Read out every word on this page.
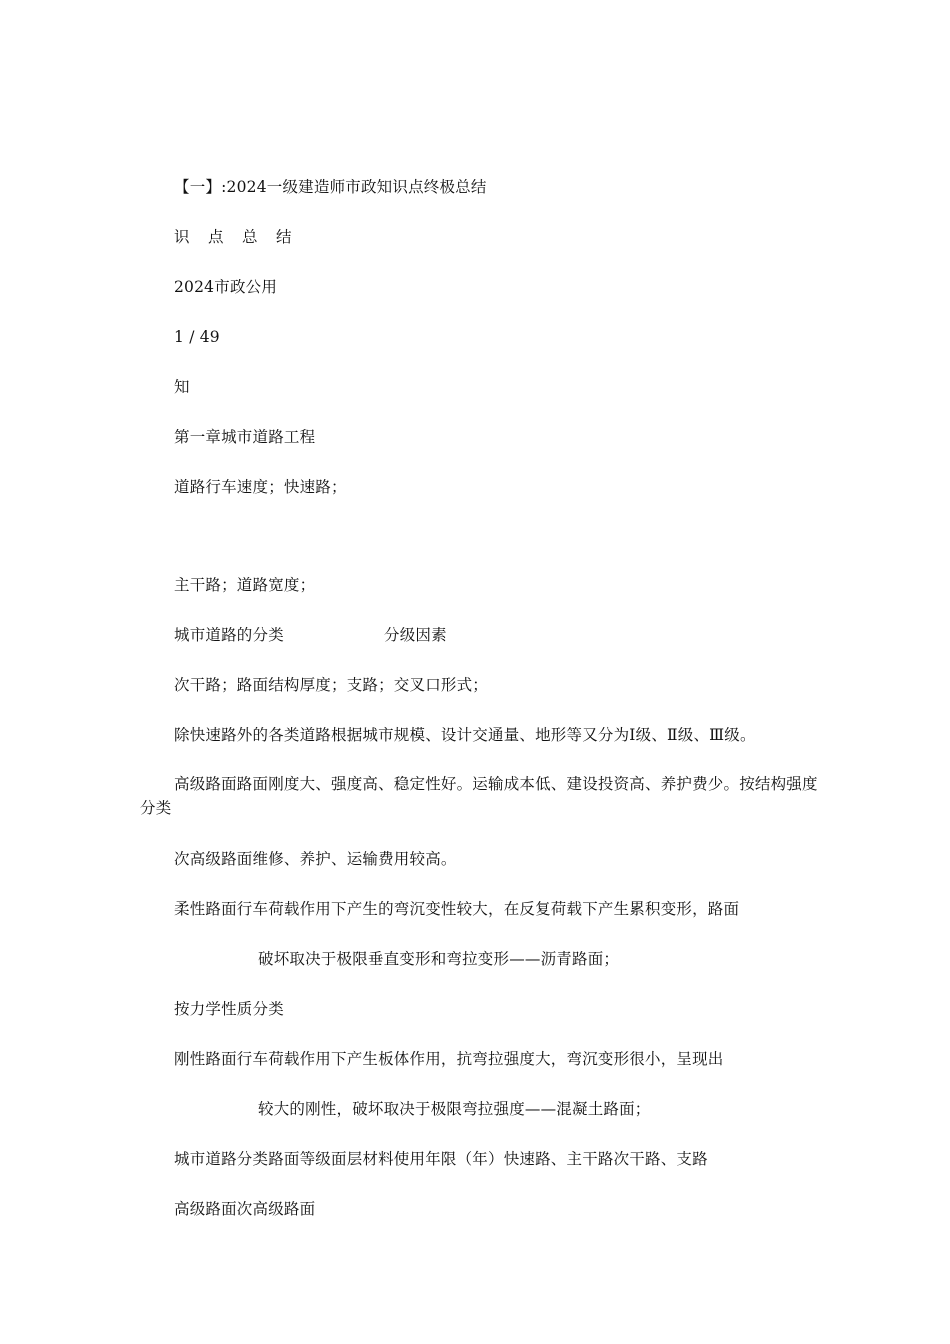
【一】:2024一级建造师市政知识点终极总结
识 点 总 结
2024市政公用
1 / 49
知
第一章城市道路工程
道路行车速度；快速路；
主干路；道路宽度；
城市道路的分类	分级因素
次干路；路面结构厚度；支路；交叉口形式；
除快速路外的各类道路根据城市规模、设计交通量、地形等又分为Ⅰ级、Ⅱ级、Ⅲ级。
高级路面路面刚度大、强度高、稳定性好。运输成本低、建设投资高、养护费少。按结构强度分类
次高级路面维修、养护、运输费用较高。
柔性路面行车荷载作用下产生的弯沉变性较大，在反复荷载下产生累积变形，路面
破坏取决于极限垂直变形和弯拉变形——沥青路面；
按力学性质分类
刚性路面行车荷载作用下产生板体作用，抗弯拉强度大，弯沉变形很小，呈现出
较大的刚性，破坏取决于极限弯拉强度——混凝土路面；
城市道路分类路面等级面层材料使用年限（年）快速路、主干路次干路、支路
高级路面次高级路面
